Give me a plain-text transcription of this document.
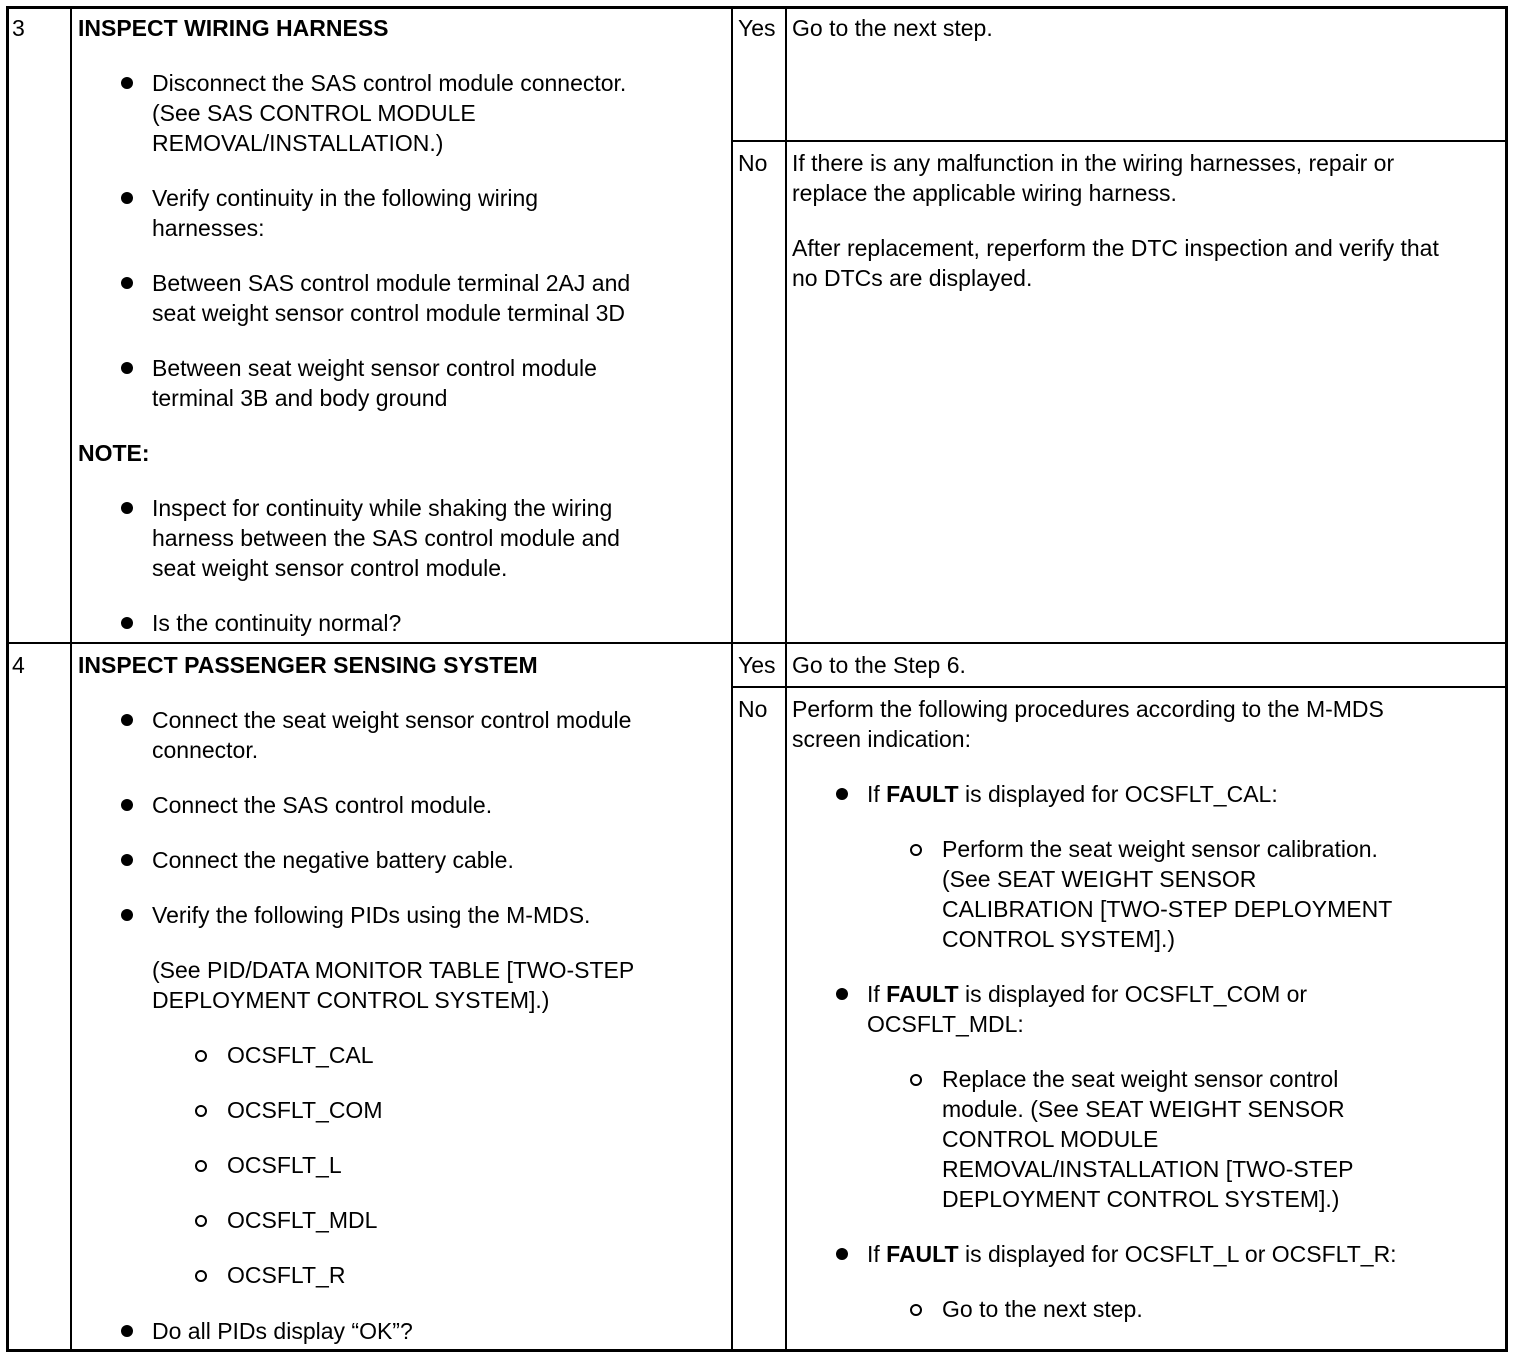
3 INSPECT WIRING HARNESS
Disconnect the SAS control module connector.
(See SAS CONTROL MODULE
REMOVAL/INSTALLATION.)
Verify continuity in the following wiring
harnesses:
Between SAS control module terminal 2AJ and
seat weight sensor control module terminal 3D
Between seat weight sensor control module
terminal 3B and body ground
NOTE:
Inspect for continuity while shaking the wiring
harness between the SAS control module and
seat weight sensor control module.
Is the continuity normal?
Yes Go to the next step.
No If there is any malfunction in the wiring harnesses, repair or
replace the applicable wiring harness.
After replacement, reperform the DTC inspection and verify that
no DTCs are displayed.
4 INSPECT PASSENGER SENSING SYSTEM
Connect the seat weight sensor control module
connector.
Connect the SAS control module.
Connect the negative battery cable.
Verify the following PIDs using the M-MDS.
(See PID/DATA MONITOR TABLE [TWO-STEP
DEPLOYMENT CONTROL SYSTEM].)
OCSFLT_CAL
OCSFLT_COM
OCSFLT_L
OCSFLT_MDL
OCSFLT_R
Do all PIDs display “OK”?
Yes Go to the Step 6.
No Perform the following procedures according to the M-MDS
screen indication:
If FAULT is displayed for OCSFLT_CAL:
Perform the seat weight sensor calibration.
(See SEAT WEIGHT SENSOR
CALIBRATION [TWO-STEP DEPLOYMENT
CONTROL SYSTEM].)
If FAULT is displayed for OCSFLT_COM or
OCSFLT_MDL:
Replace the seat weight sensor control
module. (See SEAT WEIGHT SENSOR
CONTROL MODULE
REMOVAL/INSTALLATION [TWO-STEP
DEPLOYMENT CONTROL SYSTEM].)
If FAULT is displayed for OCSFLT_L or OCSFLT_R:
Go to the next step.
